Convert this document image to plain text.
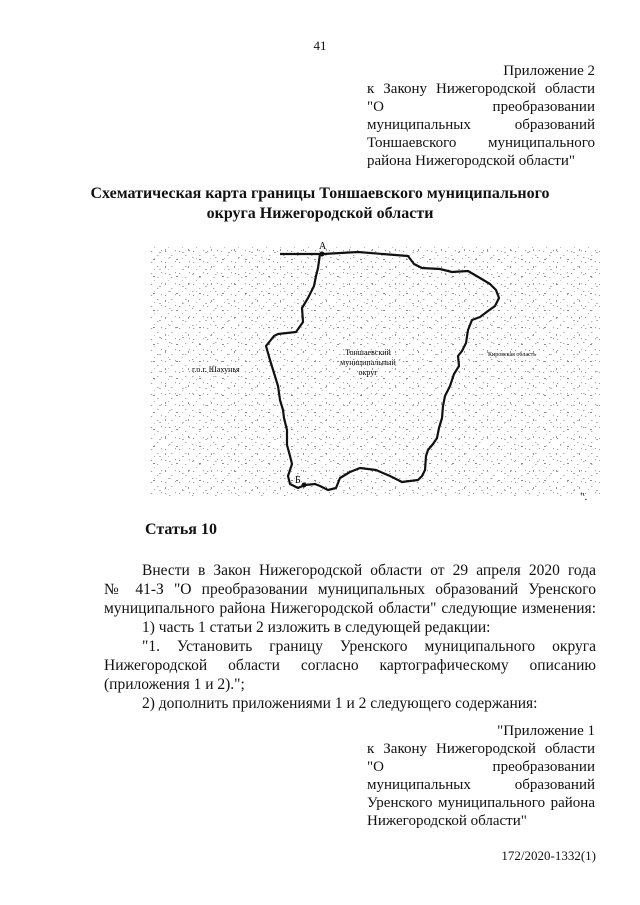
41
Приложение 2
к Закону Нижегородской области
"О преобразовании
муниципальных образований
Тоншаевского муниципального
района Нижегородской области"
Схематическая карта границы Тоншаевского муниципального
округа Нижегородской области
А
Б
Тоншаевский
муниципальный
округ
г.о.г. Шахунья
Кировская область
".
Статья 10

Внести в Закон Нижегородской области от 29 апреля 2020 года

№ 41-З "О преобразовании муниципальных образований Уренского

муниципального района Нижегородской области" следующие изменения:

1) часть 1 статьи 2 изложить в следующей редакции:

"1. Установить границу Уренского муниципального округа

Нижегородской области согласно картографическому описанию

(приложения 1 и 2).";

2) дополнить приложениями 1 и 2 следующего содержания:

"Приложение 1
к Закону Нижегородской области
"О преобразовании
муниципальных образований
Уренского муниципального района
Нижегородской области"
172/2020-1332(1)
